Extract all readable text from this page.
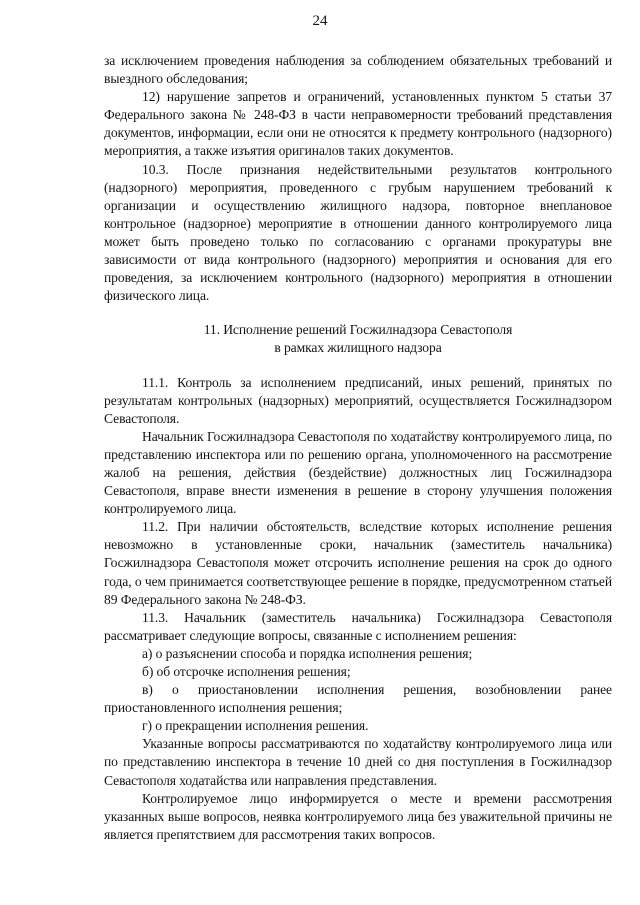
24

за исключением проведения наблюдения за соблюдением обязательных требований и выездного обследования;

12) нарушение запретов и ограничений, установленных пунктом 5 статьи 37 Федерального закона № 248-ФЗ в части неправомерности требований представления документов, информации, если они не относятся к предмету контрольного (надзорного) мероприятия, а также изъятия оригиналов таких документов.

10.3. После признания недействительными результатов контрольного (надзорного) мероприятия, проведенного с грубым нарушением требований к организации и осуществлению жилищного надзора, повторное внеплановое контрольное (надзорное) мероприятие в отношении данного контролируемого лица может быть проведено только по согласованию с органами прокуратуры вне зависимости от вида контрольного (надзорного) мероприятия и основания для его проведения, за исключением контрольного (надзорного) мероприятия в отношении физического лица.

11. Исполнение решений Госжилнадзора Севастополя
в рамках жилищного надзора

11.1. Контроль за исполнением предписаний, иных решений, принятых по результатам контрольных (надзорных) мероприятий, осуществляется Госжилнадзором Севастополя.

Начальник Госжилнадзора Севастополя по ходатайству контролируемого лица, по представлению инспектора или по решению органа, уполномоченного на рассмотрение жалоб на решения, действия (бездействие) должностных лиц Госжилнадзора Севастополя, вправе внести изменения в решение в сторону улучшения положения контролируемого лица.

11.2. При наличии обстоятельств, вследствие которых исполнение решения невозможно в установленные сроки, начальник (заместитель начальника) Госжилнадзора Севастополя может отсрочить исполнение решения на срок до одного года, о чем принимается соответствующее решение в порядке, предусмотренном статьей 89 Федерального закона № 248-ФЗ.

11.3. Начальник (заместитель начальника) Госжилнадзора Севастополя рассматривает следующие вопросы, связанные с исполнением решения:

а) о разъяснении способа и порядка исполнения решения;

б) об отсрочке исполнения решения;

в) о приостановлении исполнения решения, возобновлении ранее приостановленного исполнения решения;

г) о прекращении исполнения решения.

Указанные вопросы рассматриваются по ходатайству контролируемого лица или по представлению инспектора в течение 10 дней со дня поступления в Госжилнадзор Севастополя ходатайства или направления представления.

Контролируемое лицо информируется о месте и времени рассмотрения указанных выше вопросов, неявка контролируемого лица без уважительной причины не является препятствием для рассмотрения таких вопросов.
